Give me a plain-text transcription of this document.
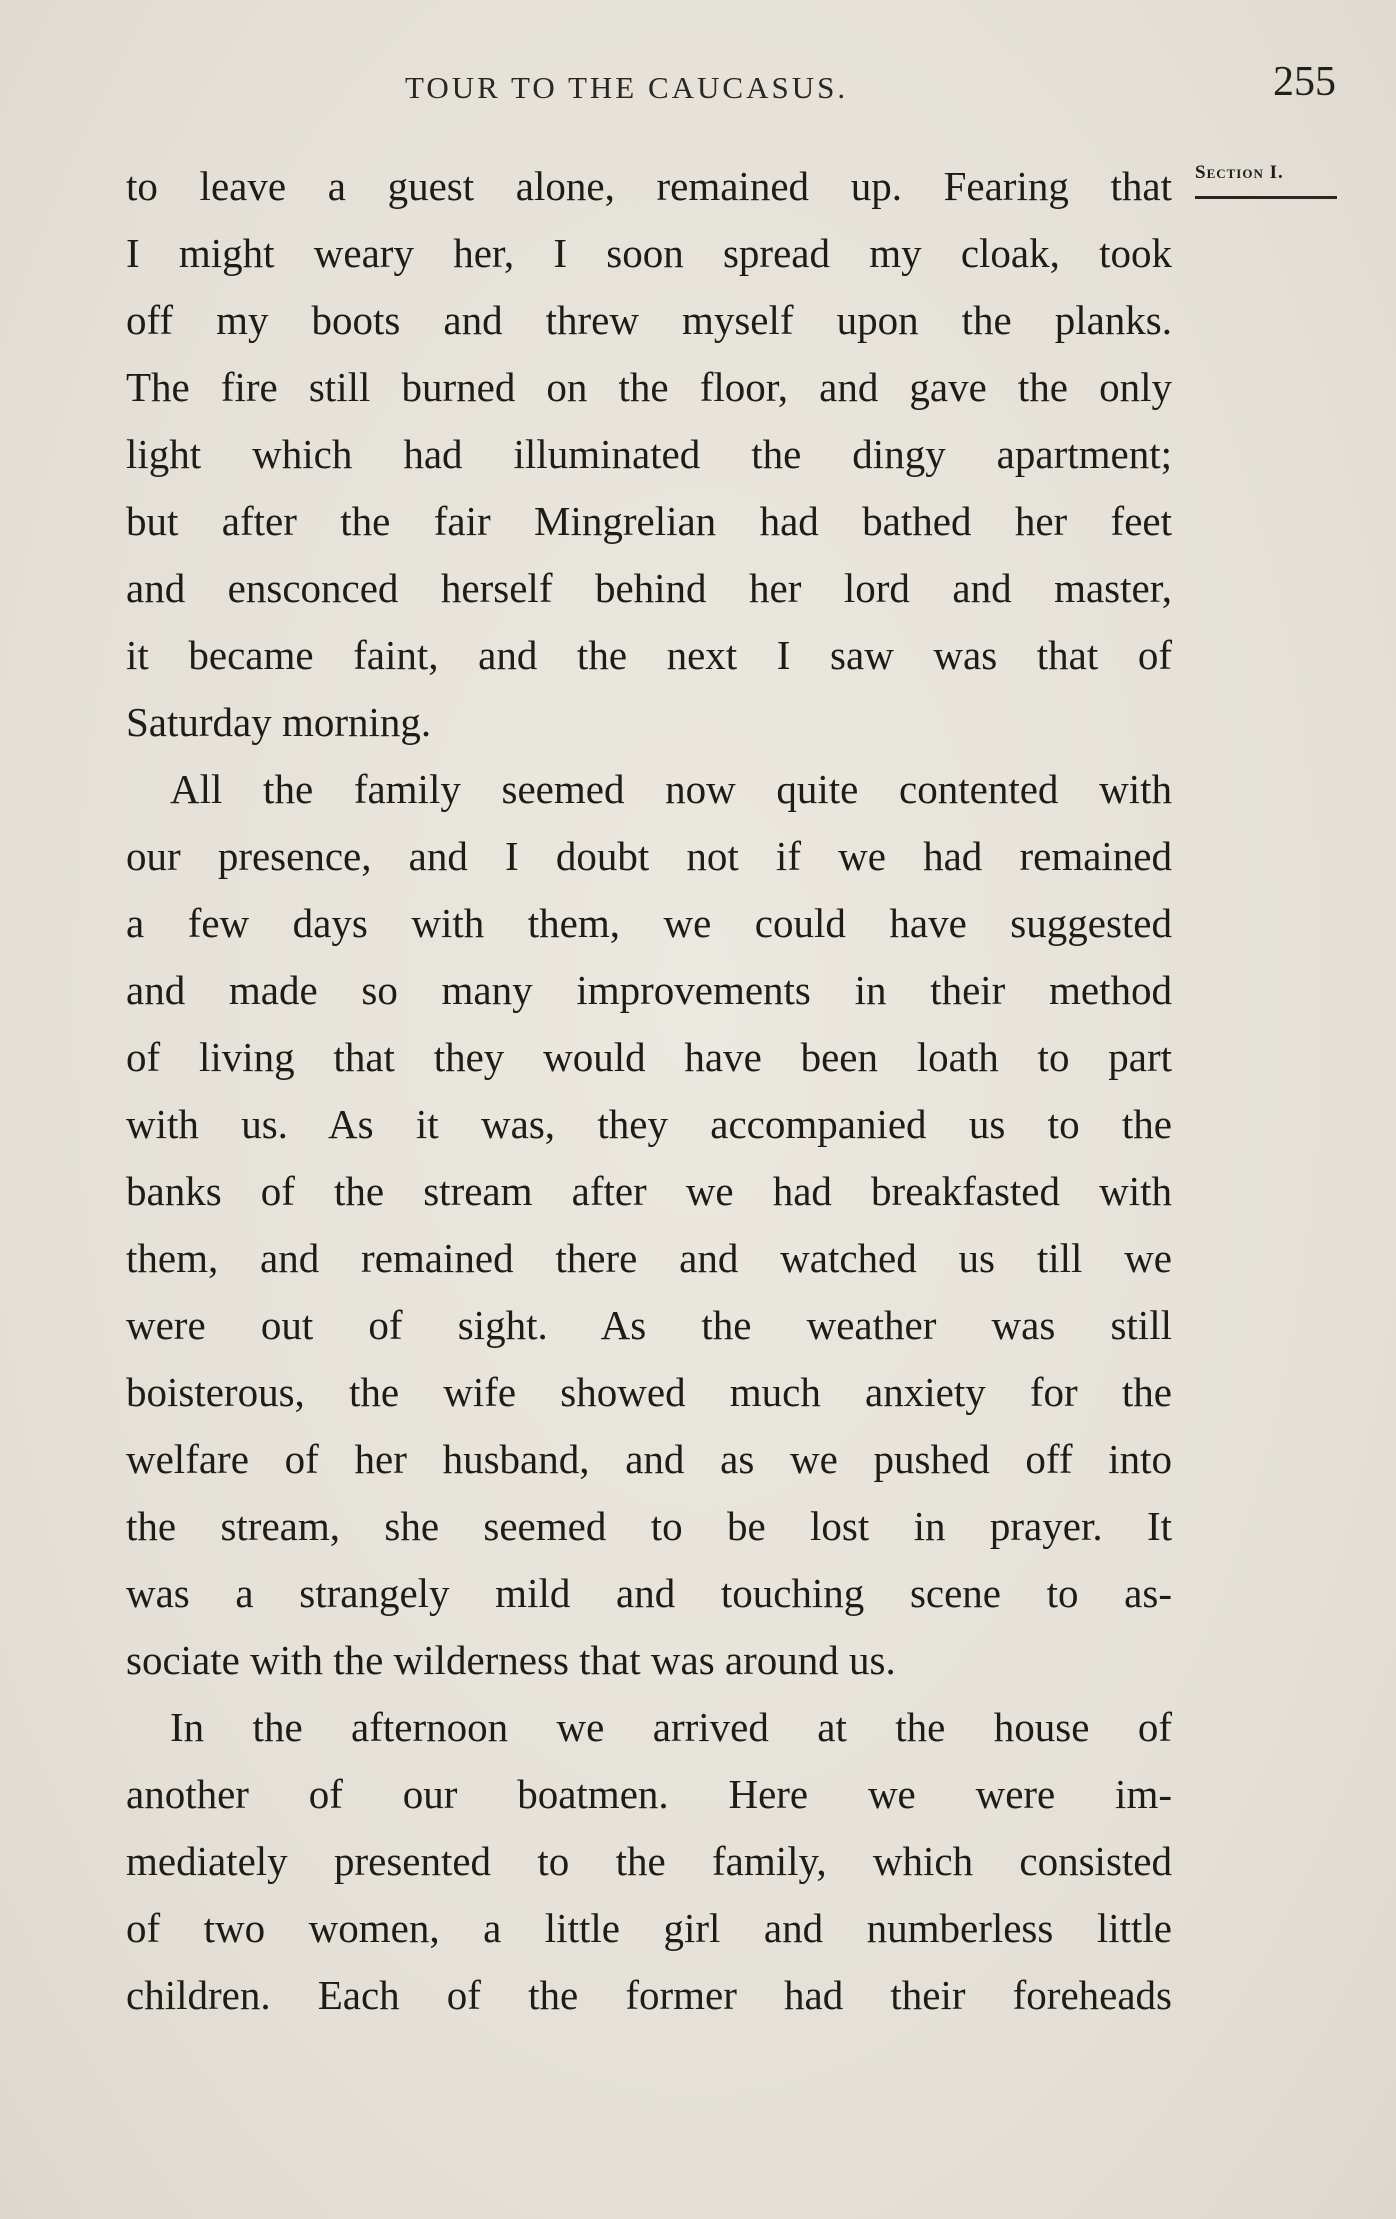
TOUR TO THE CAUCASUS.	255
Section I.
to leave a guest alone, remained up. Fearing that
I might weary her, I soon spread my cloak, took
off my boots and threw myself upon the planks.
The fire still burned on the floor, and gave the only
light which had illuminated the dingy apartment;
but after the fair Mingrelian had bathed her feet
and ensconced herself behind her lord and master,
it became faint, and the next I saw was that of
Saturday morning.
All the family seemed now quite contented with
our presence, and I doubt not if we had remained
a few days with them, we could have suggested
and made so many improvements in their method
of living that they would have been loath to part
with us. As it was, they accompanied us to the
banks of the stream after we had breakfasted with
them, and remained there and watched us till we
were out of sight. As the weather was still
boisterous, the wife showed much anxiety for the
welfare of her husband, and as we pushed off into
the stream, she seemed to be lost in prayer. It
was a strangely mild and touching scene to as-
sociate with the wilderness that was around us.
In the afternoon we arrived at the house of
another of our boatmen. Here we were im-
mediately presented to the family, which consisted
of two women, a little girl and numberless little
children. Each of the former had their foreheads
